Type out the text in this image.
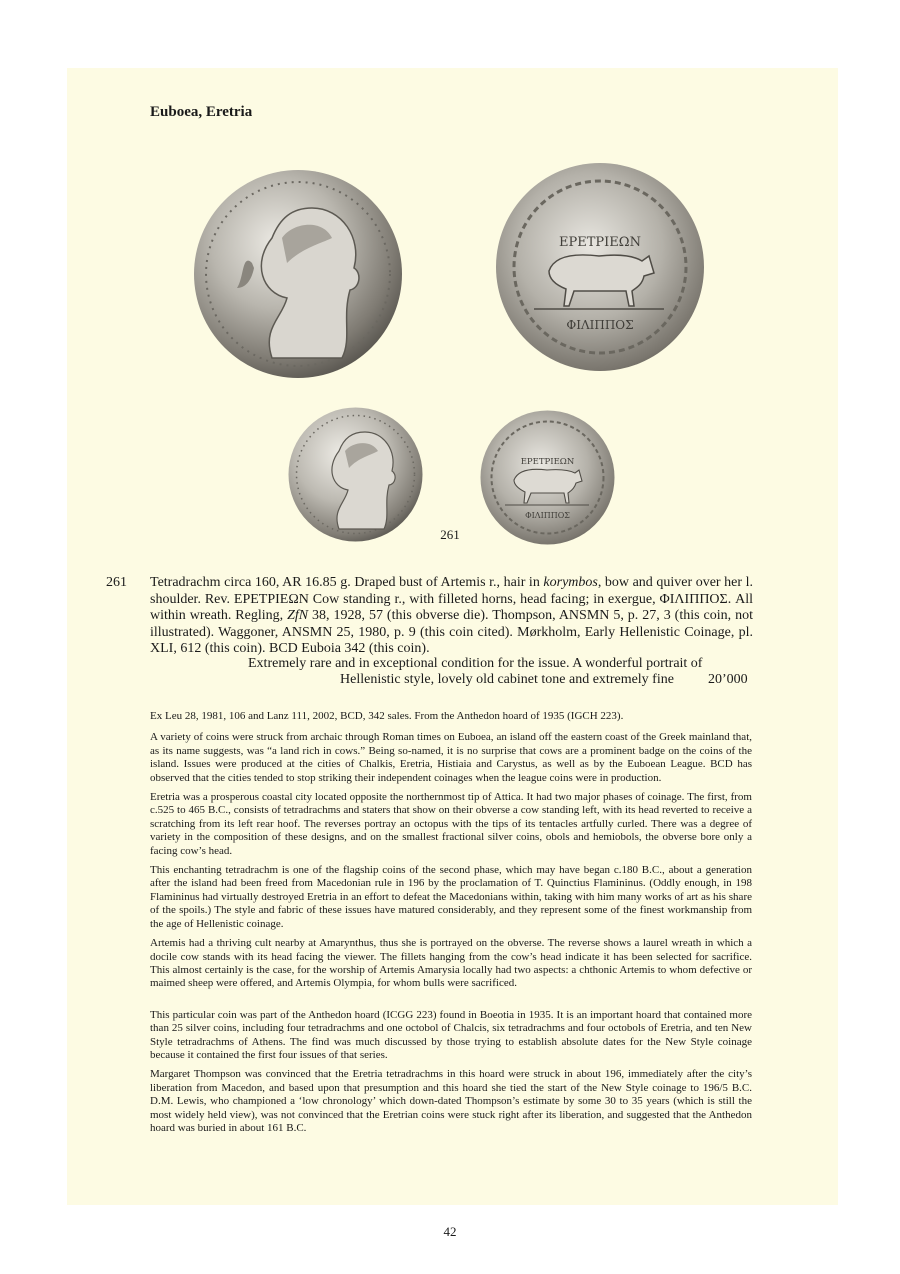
Euboea, Eretria
ΕΡΕΤΡΙΕΩΝ
ΦΙΛΙΠΠΟΣ
ΕΡΕΤΡΙΕΩΝ
ΦΙΛΙΠΠΟΣ
261
261 Tetradrachm circa 160, AR 16.85 g. Draped bust of Artemis r., hair in korymbos, bow and quiver over her l. shoulder. Rev. ΕΡΕΤΡΙΕΩΝ Cow standing r., with filleted horns, head facing; in exergue, ΦΙΛΙΠΠΟΣ. All within wreath. Regling, ZfN 38, 1928, 57 (this obverse die). Thompson, ANSMN 5, p. 27, 3 (this coin, not illustrated). Waggoner, ANSMN 25, 1980, p. 9 (this coin cited). Mørkholm, Early Hellenistic Coinage, pl. XLI, 612 (this coin). BCD Euboia 342 (this coin).
Extremely rare and in exceptional condition for the issue. A wonderful portrait of
Hellenistic style, lovely old cabinet tone and extremely fine 20’000

Ex Leu 28, 1981, 106 and Lanz 111, 2002, BCD, 342 sales. From the Anthedon hoard of 1935 (IGCH 223).

A variety of coins were struck from archaic through Roman times on Euboea, an island off the eastern coast of the Greek mainland that, as its name suggests, was “a land rich in cows.” Being so-named, it is no surprise that cows are a prominent badge on the coins of the island. Issues were produced at the cities of Chalkis, Eretria, Histiaia and Carystus, as well as by the Euboean League. BCD has observed that the cities tended to stop striking their independent coinages when the league coins were in production.

Eretria was a prosperous coastal city located opposite the northernmost tip of Attica. It had two major phases of coinage. The first, from c.525 to 465 B.C., consists of tetradrachms and staters that show on their obverse a cow standing left, with its head reverted to receive a scratching from its left rear hoof. The reverses portray an octopus with the tips of its tentacles artfully curled. There was a degree of variety in the composition of these designs, and on the smallest fractional silver coins, obols and hemiobols, the obverse bore only a facing cow’s head.

This enchanting tetradrachm is one of the flagship coins of the second phase, which may have began c.180 B.C., about a generation after the island had been freed from Macedonian rule in 196 by the proclamation of T. Quinctius Flamininus. (Oddly enough, in 198 Flamininus had virtually destroyed Eretria in an effort to defeat the Macedonians within, taking with him many works of art as his share of the spoils.) The style and fabric of these issues have matured considerably, and they represent some of the finest workmanship from the age of Hellenistic coinage.

Artemis had a thriving cult nearby at Amarynthus, thus she is portrayed on the obverse. The reverse shows a laurel wreath in which a docile cow stands with its head facing the viewer. The fillets hanging from the cow’s head indicate it has been selected for sacrifice. This almost certainly is the case, for the worship of Artemis Amarysia locally had two aspects: a chthonic Artemis to whom defective or maimed sheep were offered, and Artemis Olympia, for whom bulls were sacrificed.

This particular coin was part of the Anthedon hoard (ICGG 223) found in Boeotia in 1935. It is an important hoard that contained more than 25 silver coins, including four tetradrachms and one octobol of Chalcis, six tetradrachms and four octobols of Eretria, and ten New Style tetradrachms of Athens. The find was much discussed by those trying to establish absolute dates for the New Style coinage because it contained the first four issues of that series.

Margaret Thompson was convinced that the Eretria tetradrachms in this hoard were struck in about 196, immediately after the city’s liberation from Macedon, and based upon that presumption and this hoard she tied the start of the New Style coinage to 196/5 B.C. D.M. Lewis, who championed a ‘low chronology’ which down-dated Thompson’s estimate by some 30 to 35 years (which is still the most widely held view), was not convinced that the Eretrian coins were stuck right after its liberation, and suggested that the Anthedon hoard was buried in about 161 B.C.

42
